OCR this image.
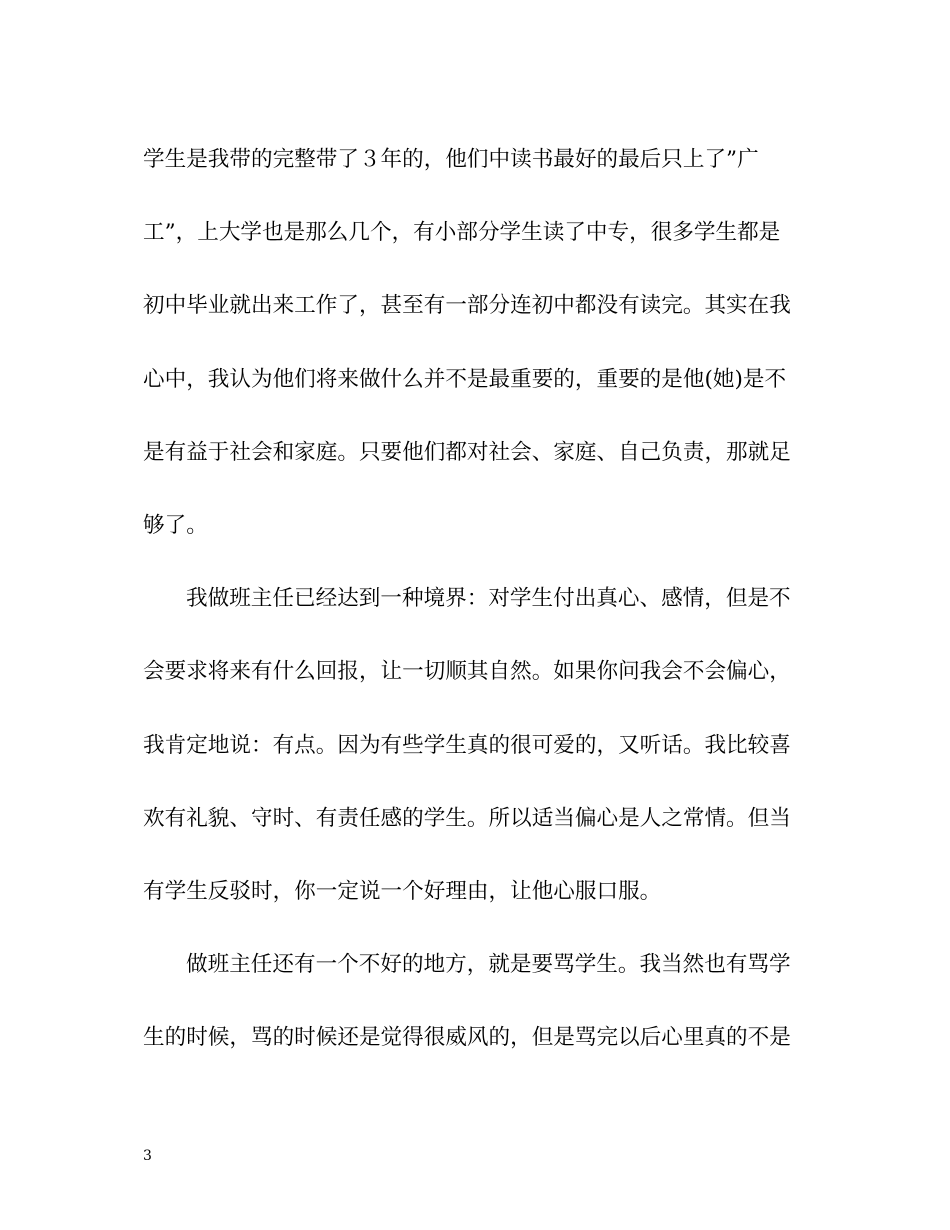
学生是我带的完整带了３年的，他们中读书最好的最后只上了”广
工”，上大学也是那么几个，有小部分学生读了中专，很多学生都是
初中毕业就出来工作了，甚至有一部分连初中都没有读完。其实在我
心中，我认为他们将来做什么并不是最重要的，重要的是他(她)是不
是有益于社会和家庭。只要他们都对社会、家庭、自己负责，那就足
够了。
我做班主任已经达到一种境界：对学生付出真心、感情，但是不
会要求将来有什么回报，让一切顺其自然。如果你问我会不会偏心，
我肯定地说：有点。因为有些学生真的很可爱的，又听话。我比较喜
欢有礼貌、守时、有责任感的学生。所以适当偏心是人之常情。但当
有学生反驳时，你一定说一个好理由，让他心服口服。
做班主任还有一个不好的地方，就是要骂学生。我当然也有骂学
生的时候，骂的时候还是觉得很威风的，但是骂完以后心里真的不是
3
